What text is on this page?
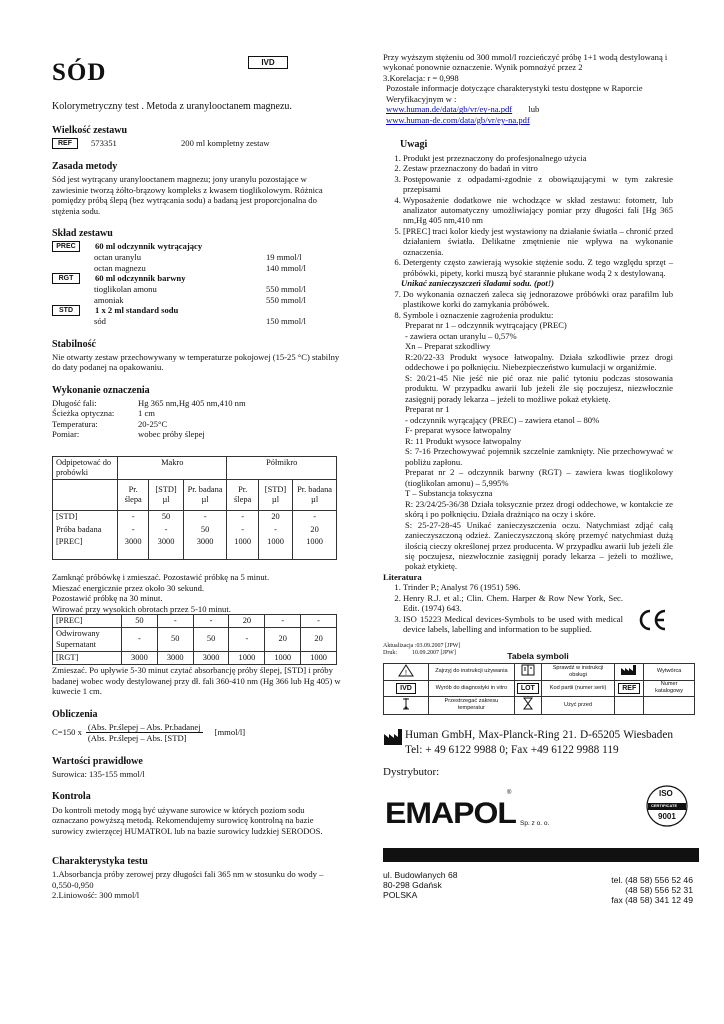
IVD
SÓD
Kolorymetryczny test . Metoda z uranylooctanem magnezu.
Wielkość zestawu
REF	573351	200 ml kompletny zestaw
Zasada metody

Sód jest wytrącany uranylooctanem magnezu; jony uranylu pozostające w zawiesinie tworzą żółto-brązowy kompleks z kwasem tioglikolowym. Różnica pomiędzy próbą ślepą (bez wytrącania sodu) a badaną jest proporcjonalna do stężenia sodu.

Skład zestawu
PREC	60 ml odczynnik wytrącający
octan uranylu	19 mmol/l
octan magnezu	140 mmol/l
RGT	60 ml odczynnik barwny
tioglikolan amonu	550 mmol/l
amoniak	550 mmol/l
STD	1 x 2 ml standard sodu
sód	150 mmol/l
Stabilność

Nie otwarty zestaw przechowywany w temperaturze pokojowej (15-25 °C) stabilny do daty podanej na opakowaniu.

Wykonanie oznaczenia
Długość fali:	Hg 365 nm,Hg 405 nm,410 nm
Ścieżka optyczna:	1 cm
Temperatura:	20-25°C
Pomiar:	wobec próby ślepej
Odpipetować do probówki	Makro			Półmikro		
	Pr. ślepa	[STD] µl	Pr. badana µl	Pr. ślepa	[STD] µl	Pr. badana µl
[STD]	-	50	-	-	20	-
Próba badana	-	-	50	-	-	20
[PREC]	3000	3000	3000	1000	1000	1000
Zamknąć próbówkę i zmieszać. Pozostawić próbkę na 5 minut.
Mieszać energicznie przez około 30 sekund.
Pozostawić próbkę na 30 minut.
Wirować przy wysokich obrotach przez 5-10 minut.
[PREC]	50	-	-	20	-	-
Odwirowany Supernatant	-	50	50	-	20	20
[RGT]	3000	3000	3000	1000	1000	1000

Zmieszać. Po upływie 5-30 minut czytać absorbancję próby ślepej, [STD] i próby badanej wobec wody destylowanej przy dł. fali 360-410 nm (Hg 366 lub Hg 405) w kuwecie 1 cm.

Obliczenia
C=150 x
(Abs. Pr.ślepej – Abs. Pr.badanej
(Abs. Pr.ślepej – Abs. [STD]
[mmol/l]
Wartości prawidłowe

Surowica: 135-155 mmol/l

Kontrola

Do kontroli metody mogą być używane surowice w których poziom sodu oznaczano powyższą metodą. Rekomendujemy surowicę kontrolną na bazie surowicy zwierzęcej HUMATROL lub na bazie surowicy ludzkiej SERODOS.

Charakterystyka testu
1.Absorbancja próby zerowej przy długości fali 365 nm w stosunku do wody – 0,550-0,950
2.Liniowość: 300 mmol/l

Przy wyższym stężeniu od 300 mmol/l rozcieńczyć próbę 1+1 wodą destylowaną i wykonać ponownie oznaczenie. Wynik pomnożyć przez 2

3.Korelacja: r = 0,998

Pozostałe informacje dotyczące charakterystyki testu dostępne w Raporcie Weryfikacyjnym w :

www.human.de/data/gb/vr/ey-na.pdf lub
www.human-de.com/data/gb/vr/ey-na.pdf
Uwagi
1. Produkt jest przeznaczony do profesjonalnego użycia
2. Zestaw przeznaczony do badań in vitro
3. Postępowanie z odpadami-zgodnie z obowiązującymi w tym zakresie przepisami
4. Wyposażenie dodatkowe nie wchodzące w skład zestawu: fotometr, lub analizator automatyczny umożliwiający pomiar przy długości fali [Hg 365 nm,Hg 405 nm,410 nm
5. [PREC] traci kolor kiedy jest wystawiony na działanie światła – chronić przed działaniem światła. Delikatne zmętnienie nie wpływa na wykonanie oznaczenia.
6. Detergenty często zawierają wysokie stężenie sodu. Z tego względu sprzęt – próbówki, pipety, korki muszą być starannie płukane wodą 2 x destylowaną.
Unikać zanieczyszczeń śladami sodu. (pot!)
7. Do wykonania oznaczeń zaleca się jednorazowe próbówki oraz parafilm lub plastikowe korki do zamykania próbówek.
8. Symbole i oznaczenie zagrożenia produktu:
Preparat nr 1 – odczynnik wytrącający (PREC)
- zawiera octan uranylu – 0,57%
Xn – Preparat szkodliwy
R:20/22-33 Produkt wysoce łatwopalny. Działa szkodliwie przez drogi oddechowe i po połknięciu. Niebezpieczeństwo kumulacji w organiźmie.
S: 20/21-45 Nie jeść nie pić oraz nie palić tytoniu podczas stosowania produktu. W przypadku awarii lub jeżeli źle się poczujesz, niezwłocznie zasięgnij porady lekarza – jeżeli to możliwe pokaż etykietę.
Preparat nr 1
- odczynnik wyrącający (PREC) – zawiera etanol – 80%
F- preparat wysoce łatwopalny
R: 11 Produkt wysoce łatwopalny
S: 7-16 Przechowywać pojemnik szczelnie zamknięty. Nie przechowywać w pobliżu zapłonu.
Preparat nr 2 – odczynnik barwny (RGT) – zawiera kwas tioglikolowy (tioglikolan amonu) – 5,995%
T – Substancja toksyczna
R: 23/24/25-36/38 Działa toksycznie przez drogi oddechowe, w kontakcie ze skórą i po połknięciu. Działa drażniąco na oczy i skóre.
S: 25-27-28-45 Unikać zanieczyszczenia oczu. Natychmiast zdjąć całą zanieczyszczoną odzież. Zanieczyszczoną skórę przemyć natychmiast dużą ilością cieczy określonej przez producenta. W przypadku awarii lub jeżeli źle się poczujesz, niezwłocznie zasięgnij porady lekarza – jeżeli to możliwe, pokaż etykietę.
Literatura
1. Trinder P.; Analyst 76 (1951) 596.
2. Henry R.J. et al.; Clin. Chem. Harper & Row New York, Sec. Edit. (1974) 643.
3. ISO 15223 Medical devices-Symbols to be used with medical device labels, labelling and information to be supplied.
Aktualizacja :03.09.2007 [JPW]
Druk:          10.09.2007 [JPW]	Tabela symboli
!	Zajrzyj do instrukcji używania		Sprawdź w instrukcji obsługi		Wytwórca
IVD	Wyrób do diagnostyki in vitro	LOT	Kod partii (numer serii)	REF	Numer katalogowy
	Przestrzegać zakresu temperatur		Użyć przed		
Human GmbH, Max-Planck-Ring 21. D-65205 Wiesbaden Tel: + 49 6122 9988 0; Fax +49 6122 9988 119
Dystrybutor:
EMAPOL
®
Sp. z o. o.
ISO
CERTIFICATE
9001
ul. Budowlanych 68
80-298 Gdańsk
POLSKA
tel. (48 58) 556 52 46
(48 58) 556 52 31
fax (48 58) 341 12 49
